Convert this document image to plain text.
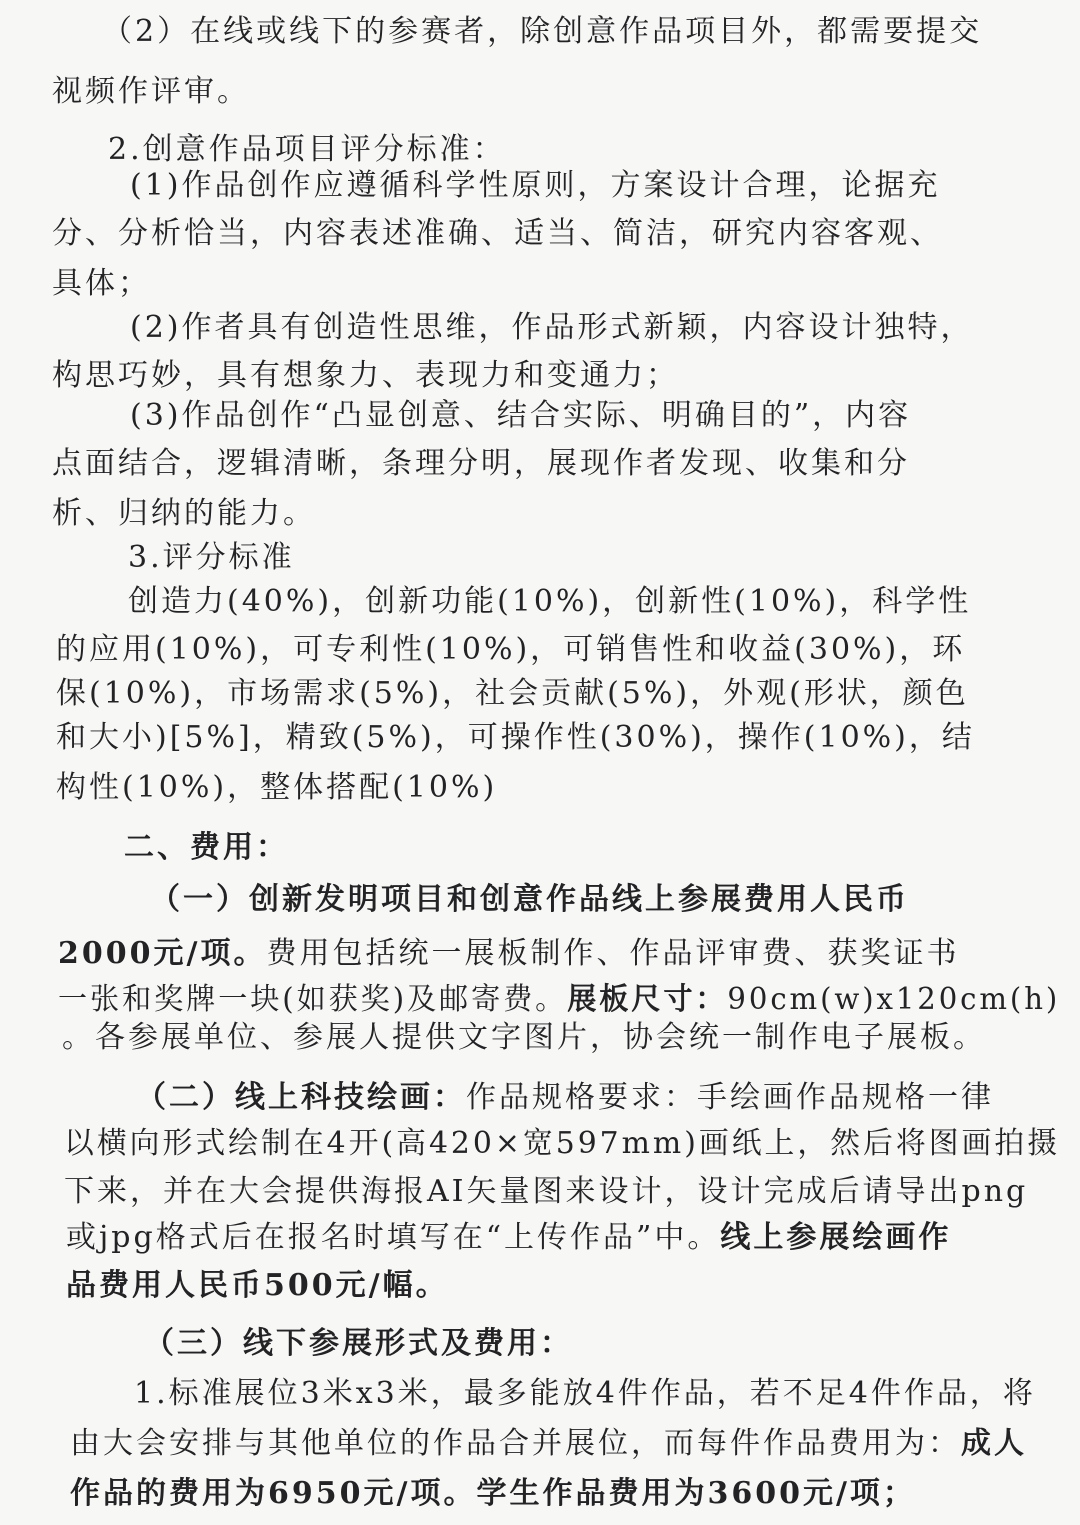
（2）在线或线下的参赛者，除创意作品项目外，都需要提交
视频作评审。
2.创意作品项目评分标准：
(1)作品创作应遵循科学性原则，方案设计合理，论据充
分、分析恰当，内容表述准确、适当、简洁，研究内容客观、
具体；
(2)作者具有创造性思维，作品形式新颖，内容设计独特，
构思巧妙，具有想象力、表现力和变通力；
(3)作品创作“凸显创意、结合实际、明确目的”，内容
点面结合，逻辑清晰，条理分明，展现作者发现、收集和分
析、归纳的能力。
3.评分标准
创造力(40%)，创新功能(10%)，创新性(10%)，科学性
的应用(10%)，可专利性(10%)，可销售性和收益(30%)，环
保(10%)，市场需求(5%)，社会贡献(5%)，外观(形状，颜色
和大小)[5%]，精致(5%)，可操作性(30%)，操作(10%)，结
构性(10%)，整体搭配(10%)
二、费用：
（一）创新发明项目和创意作品线上参展费用人民币
2000元/项。费用包括统一展板制作、作品评审费、获奖证书
一张和奖牌一块(如获奖)及邮寄费。展板尺寸：90cm(w)x120cm(h)
。各参展单位、参展人提供文字图片，协会统一制作电子展板。
（二）线上科技绘画：作品规格要求：手绘画作品规格一律
以横向形式绘制在4开(高420×宽597mm)画纸上，然后将图画拍摄
下来，并在大会提供海报AI矢量图来设计，设计完成后请导出png
或jpg格式后在报名时填写在“上传作品”中。线上参展绘画作
品费用人民币500元/幅。
（三）线下参展形式及费用：
1.标准展位3米x3米，最多能放4件作品，若不足4件作品，将
由大会安排与其他单位的作品合并展位，而每件作品费用为：成人
作品的费用为6950元/项。学生作品费用为3600元/项；
